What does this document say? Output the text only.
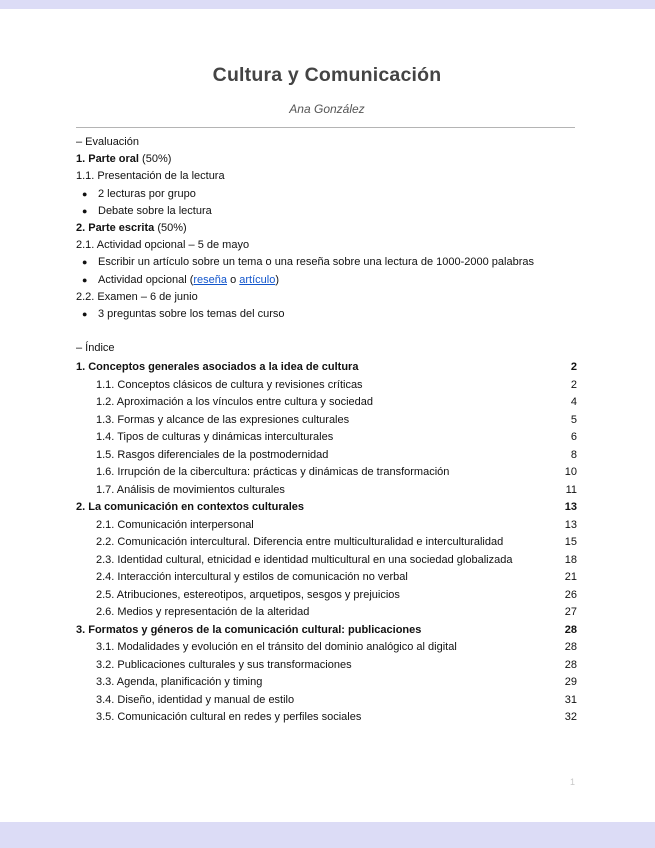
Cultura y Comunicación
Ana González
– Evaluación
1. Parte oral (50%)
1.1. Presentación de la lectura
● 2 lecturas por grupo
● Debate sobre la lectura
2. Parte escrita (50%)
2.1. Actividad opcional – 5 de mayo
● Escribir un artículo sobre un tema o una reseña sobre una lectura de 1000-2000 palabras
● Actividad opcional (reseña o artículo)
2.2. Examen – 6 de junio
● 3 preguntas sobre los temas del curso
– Índice
1. Conceptos generales asociados a la idea de cultura	2
1.1. Conceptos clásicos de cultura y revisiones críticas	2
1.2. Aproximación a los vínculos entre cultura y sociedad	4
1.3. Formas y alcance de las expresiones culturales	5
1.4. Tipos de culturas y dinámicas interculturales	6
1.5. Rasgos diferenciales de la postmodernidad	8
1.6. Irrupción de la cibercultura: prácticas y dinámicas de transformación	10
1.7. Análisis de movimientos culturales	11
2. La comunicación en contextos culturales	13
2.1. Comunicación interpersonal	13
2.2. Comunicación intercultural. Diferencia entre multiculturalidad e interculturalidad	15
2.3. Identidad cultural, etnicidad e identidad multicultural en una sociedad globalizada	18
2.4. Interacción intercultural y estilos de comunicación no verbal	21
2.5. Atribuciones, estereotipos, arquetipos, sesgos y prejuicios	26
2.6. Medios y representación de la alteridad	27
3. Formatos y géneros de la comunicación cultural: publicaciones	28
3.1. Modalidades y evolución en el tránsito del dominio analógico al digital	28
3.2. Publicaciones culturales y sus transformaciones	28
3.3. Agenda, planificación y timing	29
3.4. Diseño, identidad y manual de estilo	31
3.5. Comunicación cultural en redes y perfiles sociales	32
1
